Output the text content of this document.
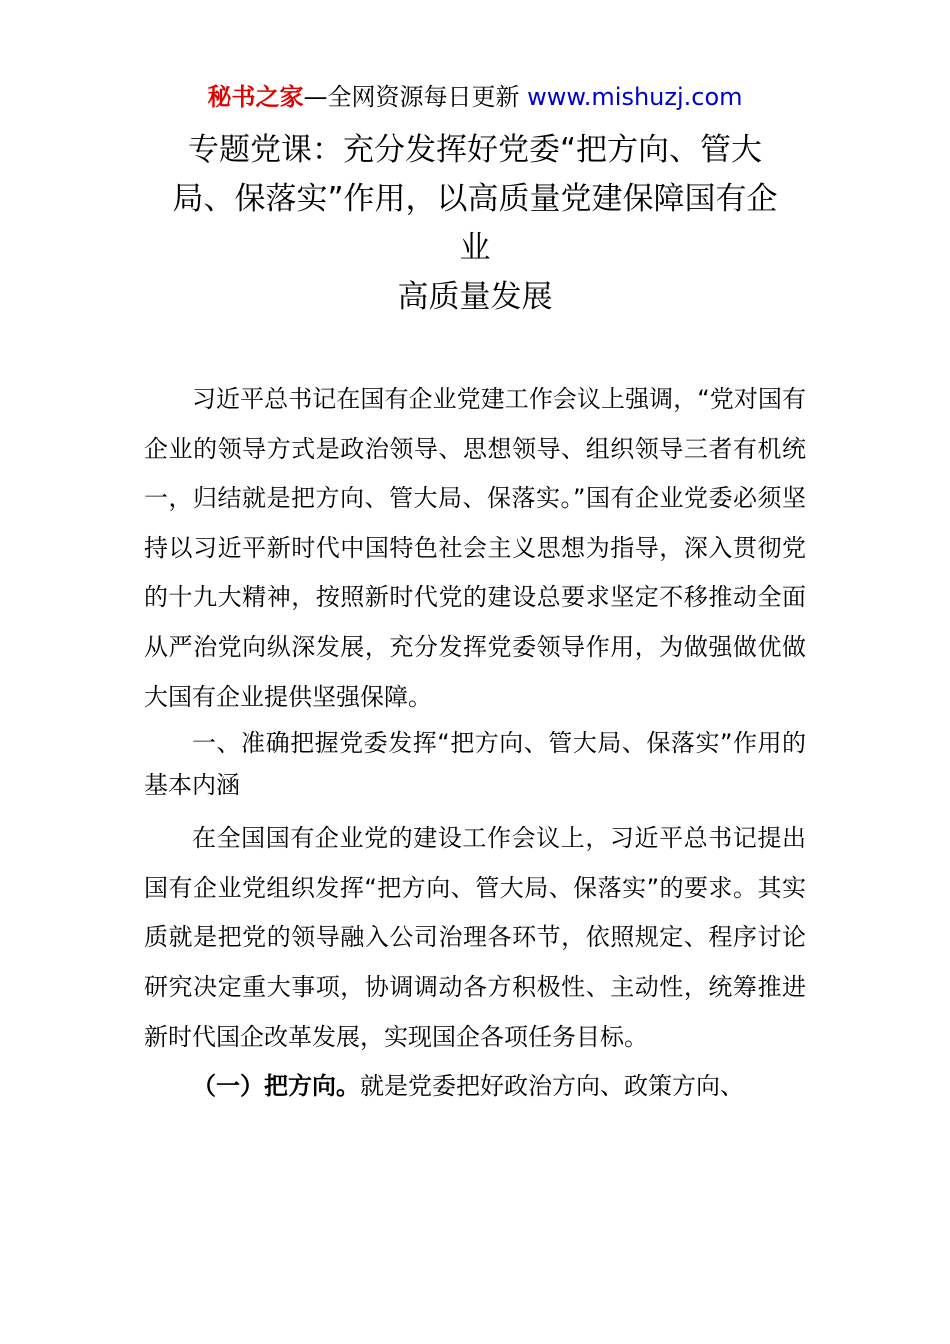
秘书之家—全网资源每日更新 www.mishuzj.com
专题党课：充分发挥好党委“把方向、管大
局、保落实”作用，以高质量党建保障国有企
业
高质量发展

习近平总书记在国有企业党建工作会议上强调，“党对国有企业的领导方式是政治领导、思想领导、组织领导三者有机统一，归结就是把方向、管大局、保落实。”国有企业党委必须坚持以习近平新时代中国特色社会主义思想为指导，深入贯彻党的十九大精神，按照新时代党的建设总要求坚定不移推动全面从严治党向纵深发展，充分发挥党委领导作用，为做强做优做大国有企业提供坚强保障。

一、准确把握党委发挥“把方向、管大局、保落实”作用的基本内涵

在全国国有企业党的建设工作会议上，习近平总书记提出国有企业党组织发挥“把方向、管大局、保落实”的要求。其实质就是把党的领导融入公司治理各环节，依照规定、程序讨论研究决定重大事项，协调调动各方积极性、主动性，统筹推进新时代国企改革发展，实现国企各项任务目标。

（一）把方向。就是党委把好政治方向、政策方向、
